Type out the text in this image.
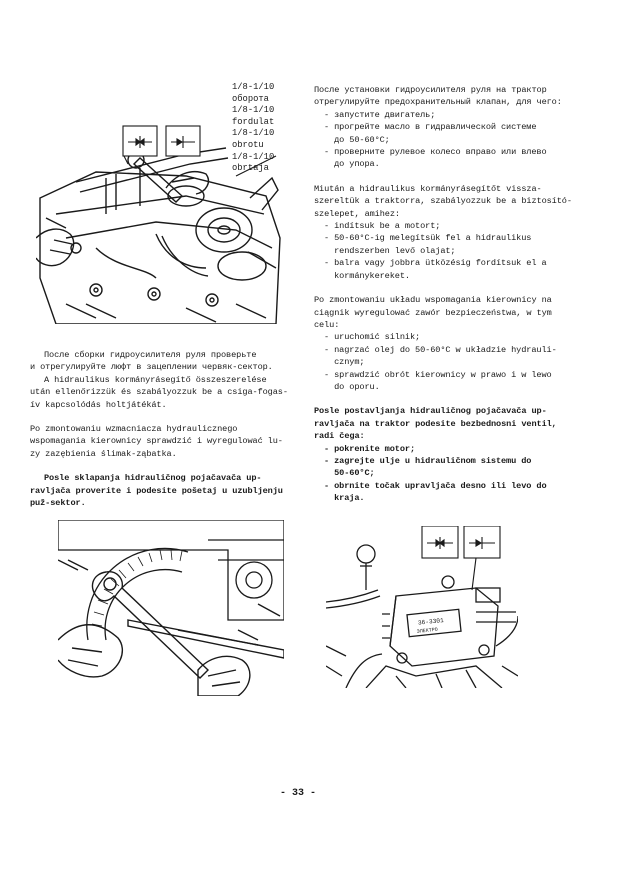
1/8-1/10
оборота
1/8-1/10
fordulat
1/8-1/10
obrotu
1/8-1/10
obrtaja

После установки гидроусилителя руля на трактор

отрегулируйте предохранительный клапан, для чего:

- запустите двигатель;

- прогрейте масло в гидравлической системе

до 50-60°С;

- проверните рулевое колесо вправо или влево

до упора.

Miután a hidraulikus kormányrásegítőt vissza-

szereltük a traktorra, szabályozzuk be a biztosító-

szelepet, amihez:

- indítsuk be a motort;

- 50-60°C-ig melegítsük fel a hidraulikus

rendszerben levő olajat;

- balra vagy jobbra ütközésig fordítsuk el a

kormánykereket.

Po zmontowaniu układu wspomagania kierownicy na

ciągnik wyregulować zawór bezpieczeństwa, w tym

celu:

- uruchomić silnik;

- nagrzać olej do 50-60°C w układzie hydrauli-

cznym;

- sprawdzić obrót kierownicy w prawo i w lewo

do oporu.

Posle postavljanja hidrauličnog pojačavača up-

ravljača na traktor podesite bezbednosni ventil,

radi čega:

- pokrenite motor;

- zagrejte ulje u hidrauličnom sistemu do

50-60°C;

- obrnite točak upravljača desno ili levo do

kraja.

После сборки гидроусилителя руля проверьте

и отрегулируйте люфт в зацеплении червяк-сектор.

A hidraulikus kormányrásegítő összeszerelése

után ellenőrizzük és szabályozzuk be a csiga-fogas-

ív kapcsolódás holtjátékát.

Po zmontowaniu wzmacniacza hydraulicznego

wspomagania kierownicy sprawdzić i wyregulować lu-

zy zazębienia ślimak-ząbatka.

Posle sklapanja hidrauličnog pojačavača up-

ravljača proverite i podesite pošetaj u uzubljenju

puž-sektor.

36-3301
ЭЛЕКТРО
- 33 -
